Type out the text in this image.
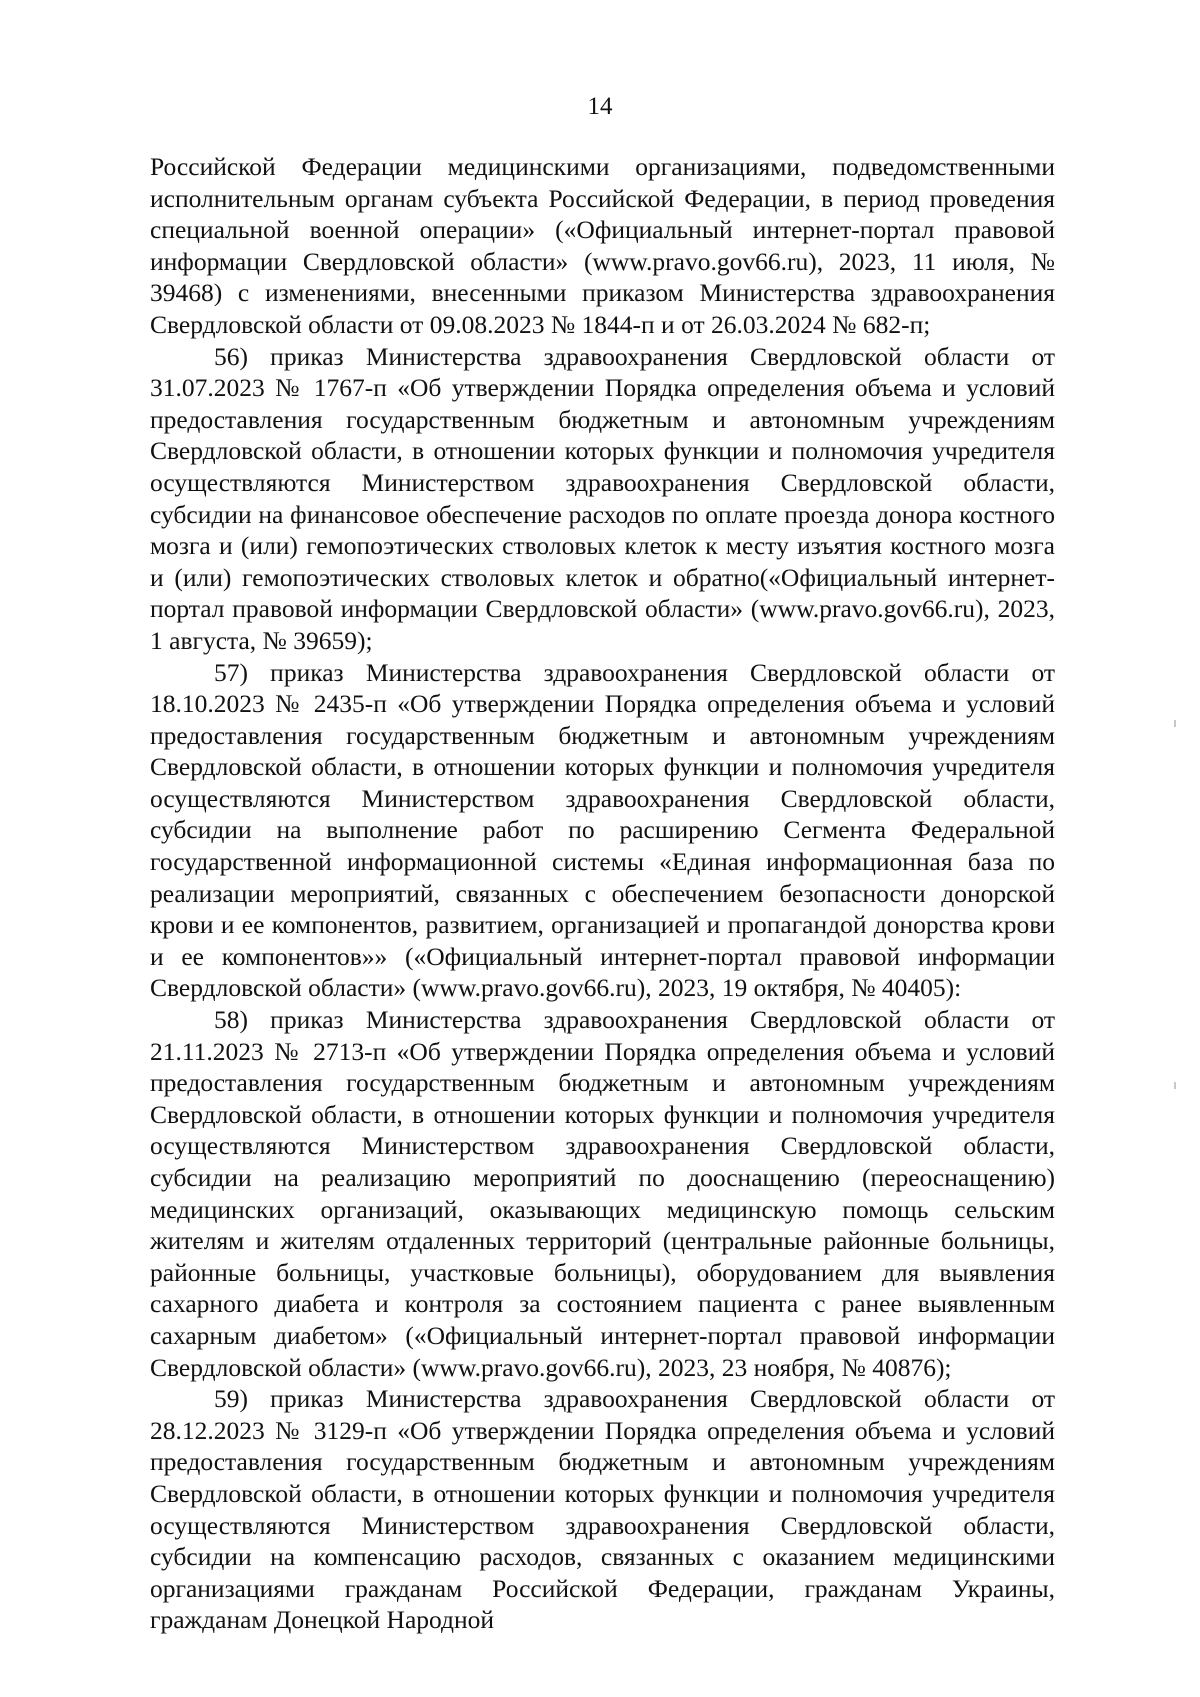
14

Российской Федерации медицинскими организациями, подведомственными исполнительным органам субъекта Российской Федерации, в период проведения специальной военной операции» («Официальный интернет-портал правовой информации Свердловской области» (www.pravo.gov66.ru), 2023, 11 июля, № 39468) с изменениями, внесенными приказом Министерства здравоохранения Свердловской области от 09.08.2023 № 1844-п и от 26.03.2024 № 682-п;

56) приказ Министерства здравоохранения Свердловской области от 31.07.2023 № 1767-п «Об утверждении Порядка определения объема и условий предоставления государственным бюджетным и автономным учреждениям Свердловской области, в отношении которых функции и полномочия учредителя осуществляются Министерством здравоохранения Свердловской области, субсидии на финансовое обеспечение расходов по оплате проезда донора костного мозга и (или) гемопоэтических стволовых клеток к месту изъятия костного мозга и (или) гемопоэтических стволовых клеток и обратно(«Официальный интернет-портал правовой информации Свердловской области» (www.pravo.gov66.ru), 2023, 1 августа, № 39659);

57) приказ Министерства здравоохранения Свердловской области от 18.10.2023 № 2435-п «Об утверждении Порядка определения объема и условий предоставления государственным бюджетным и автономным учреждениям Свердловской области, в отношении которых функции и полномочия учредителя осуществляются Министерством здравоохранения Свердловской области, субсидии на выполнение работ по расширению Сегмента Федеральной государственной информационной системы «Единая информационная база по реализации мероприятий, связанных с обеспечением безопасности донорской крови и ее компонентов, развитием, организацией и пропагандой донорства крови и ее компонентов»» («Официальный интернет-портал правовой информации Свердловской области» (www.pravo.gov66.ru), 2023, 19 октября, № 40405):

58) приказ Министерства здравоохранения Свердловской области от 21.11.2023 № 2713-п «Об утверждении Порядка определения объема и условий предоставления государственным бюджетным и автономным учреждениям Свердловской области, в отношении которых функции и полномочия учредителя осуществляются Министерством здравоохранения Свердловской области, субсидии на реализацию мероприятий по дооснащению (переоснащению) медицинских организаций, оказывающих медицинскую помощь сельским жителям и жителям отдаленных территорий (центральные районные больницы, районные больницы, участковые больницы), оборудованием для выявления сахарного диабета и контроля за состоянием пациента с ранее выявленным сахарным диабетом» («Официальный интернет-портал правовой информации Свердловской области» (www.pravo.gov66.ru), 2023, 23 ноября, № 40876);

59) приказ Министерства здравоохранения Свердловской области от 28.12.2023 № 3129-п «Об утверждении Порядка определения объема и условий предоставления государственным бюджетным и автономным учреждениям Свердловской области, в отношении которых функции и полномочия учредителя осуществляются Министерством здравоохранения Свердловской области, субсидии на компенсацию расходов, связанных с оказанием медицинскими организациями гражданам Российской Федерации, гражданам Украины, гражданам Донецкой Народной
